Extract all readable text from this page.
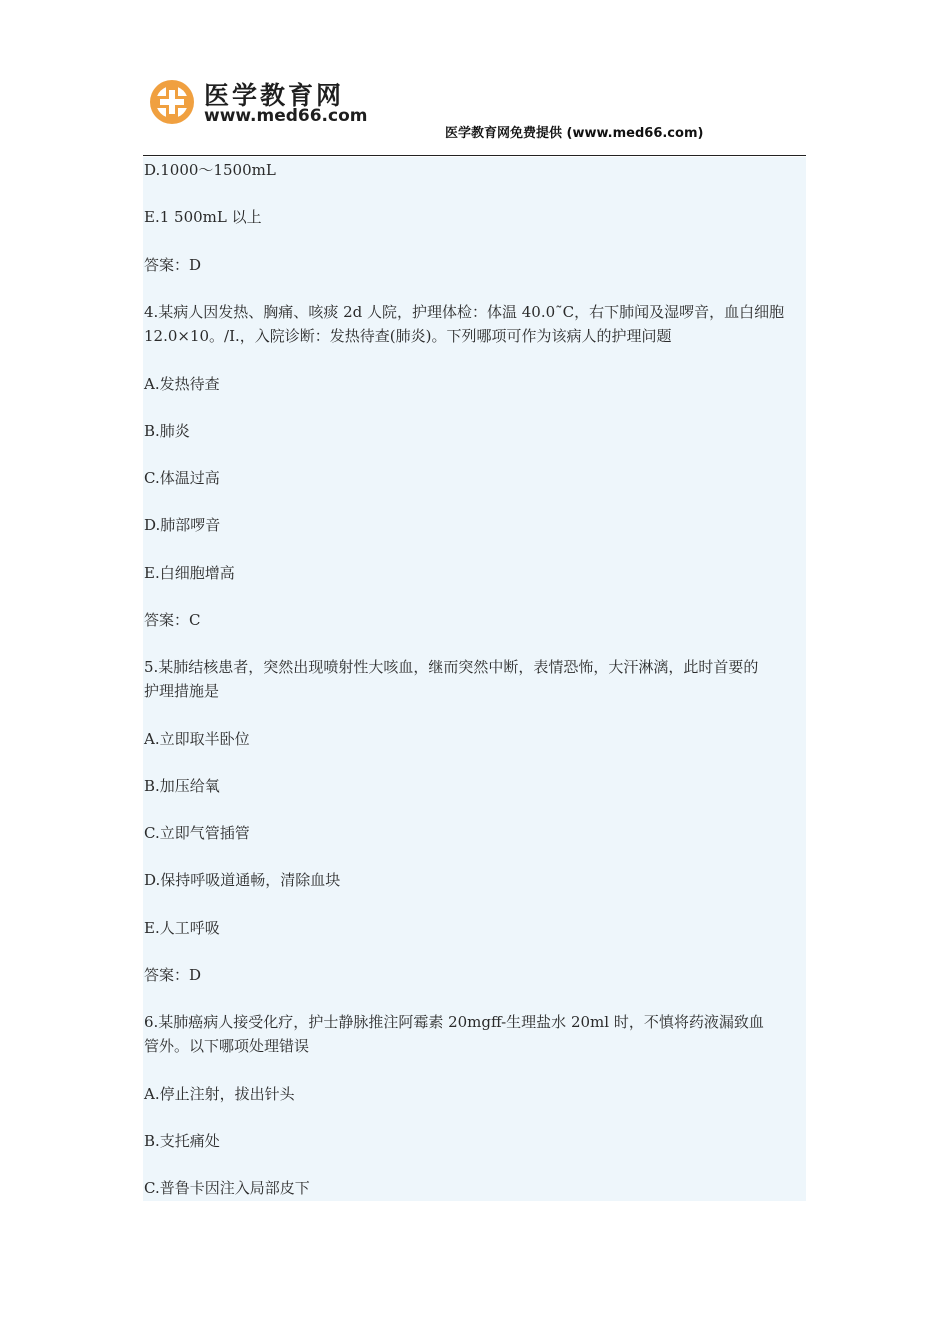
医学教育网
www.med66.com
医学教育网免费提供 (www.med66.com)
D.1000～1500mL
E.1 500mL 以上
答案：D
4.某病人因发热、胸痛、咳痰 2d 人院，护理体检：体温 40.0˜C，右下肺闻及湿啰音，血白细胞
12.0×10。/I.，入院诊断：发热待查(肺炎)。下列哪项可作为该病人的护理问题
A.发热待查
B.肺炎
C.体温过高
D.肺部啰音
E.白细胞增高
答案：C
5.某肺结核患者，突然出现喷射性大咳血，继而突然中断，表情恐怖，大汗淋漓，此时首要的
护理措施是
A.立即取半卧位
B.加压给氧
C.立即气管插管
D.保持呼吸道通畅，清除血块
E.人工呼吸
答案：D
6.某肺癌病人接受化疗，护士静脉推注阿霉素 20mgff-生理盐水 20ml 时，不慎将药液漏致血
管外。以下哪项处理错误
A.停止注射，拔出针头
B.支托痛处
C.普鲁卡因注入局部皮下
